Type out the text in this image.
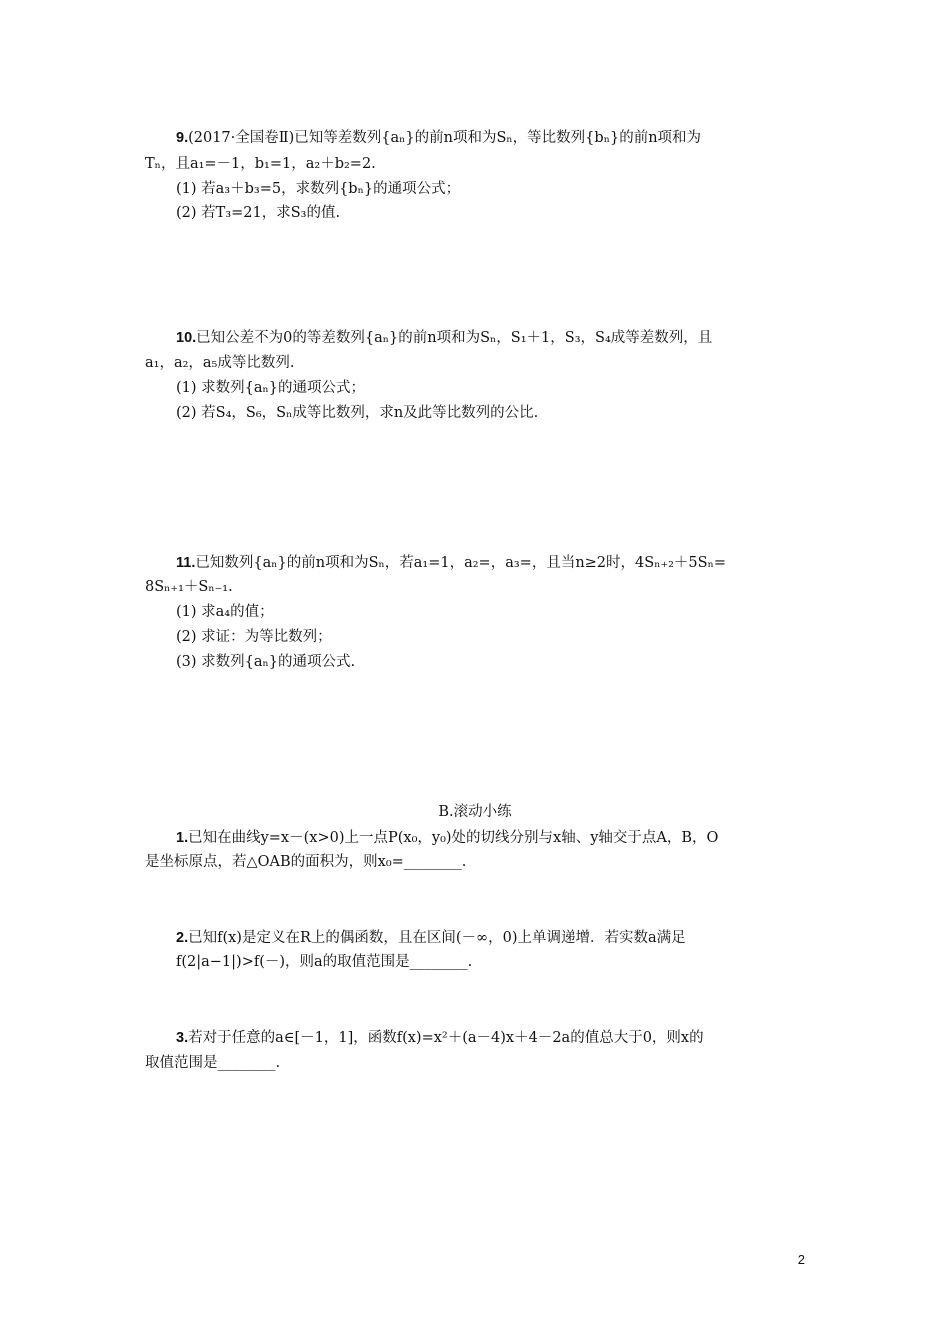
9.(2017·全国卷Ⅱ)已知等差数列{aₙ}的前n项和为Sₙ，等比数列{bₙ}的前n项和为
Tₙ，且a₁=－1，b₁=1，a₂＋b₂=2.
(1) 若a₃＋b₃=5，求数列{bₙ}的通项公式；
(2) 若T₃=21，求S₃的值.
10.已知公差不为0的等差数列{aₙ}的前n项和为Sₙ，S₁＋1，S₃，S₄成等差数列，且
a₁，a₂，a₅成等比数列.
(1) 求数列{aₙ}的通项公式；
(2) 若S₄，S₆，Sₙ成等比数列，求n及此等比数列的公比.
11.已知数列{aₙ}的前n项和为Sₙ，若a₁=1，a₂=，a₃=，且当n≥2时，4Sₙ₊₂＋5Sₙ=
8Sₙ₊₁＋Sₙ₋₁.
(1) 求a₄的值；
(2) 求证：为等比数列；
(3) 求数列{aₙ}的通项公式.
B.滚动小练
1.已知在曲线y=x－(x>0)上一点P(x₀，y₀)处的切线分别与x轴、y轴交于点A，B，O
是坐标原点，若△OAB的面积为，则x₀=________.
2.已知f(x)是定义在R上的偶函数，且在区间(－∞，0)上单调递增．若实数a满足
f(2|a−1|)>f(－)，则a的取值范围是________.
3.若对于任意的a∈[－1，1]，函数f(x)=x²＋(a－4)x＋4－2a的值总大于0，则x的
取值范围是________.
2
